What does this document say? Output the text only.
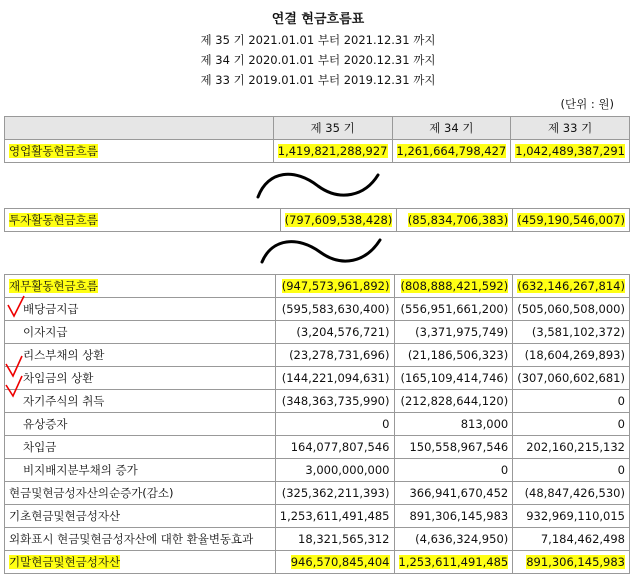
연결 현금흐름표
제 35 기 2021.01.01 부터 2021.12.31 까지
제 34 기 2020.01.01 부터 2020.12.31 까지
제 33 기 2019.01.01 부터 2019.12.31 까지
(단위 : 원)
	제 35 기	제 34 기	제 33 기
영업활동현금흐름	1,419,821,288,927	1,261,664,798,427	1,042,489,387,291
투자활동현금흐름	(797,609,538,428)	(85,834,706,383)	(459,190,546,007)
재무활동현금흐름	(947,573,961,892)	(808,888,421,592)	(632,146,267,814)
배당금지급	(595,583,630,400)	(556,951,661,200)	(505,060,508,000)
이자지급	(3,204,576,721)	(3,371,975,749)	(3,581,102,372)
리스부채의 상환	(23,278,731,696)	(21,186,506,323)	(18,604,269,893)
차입금의 상환	(144,221,094,631)	(165,109,414,746)	(307,060,602,681)
자기주식의 취득	(348,363,735,990)	(212,828,644,120)	0
유상증자	0	813,000	0
차입금	164,077,807,546	150,558,967,546	202,160,215,132
비지배지분부채의 증가	3,000,000,000	0	0
현금및현금성자산의순증가(감소)	(325,362,211,393)	366,941,670,452	(48,847,426,530)
기초현금및현금성자산	1,253,611,491,485	891,306,145,983	932,969,110,015
외화표시 현금및현금성자산에 대한 환율변동효과	18,321,565,312	(4,636,324,950)	7,184,462,498
기말현금및현금성자산	946,570,845,404	1,253,611,491,485	891,306,145,983
